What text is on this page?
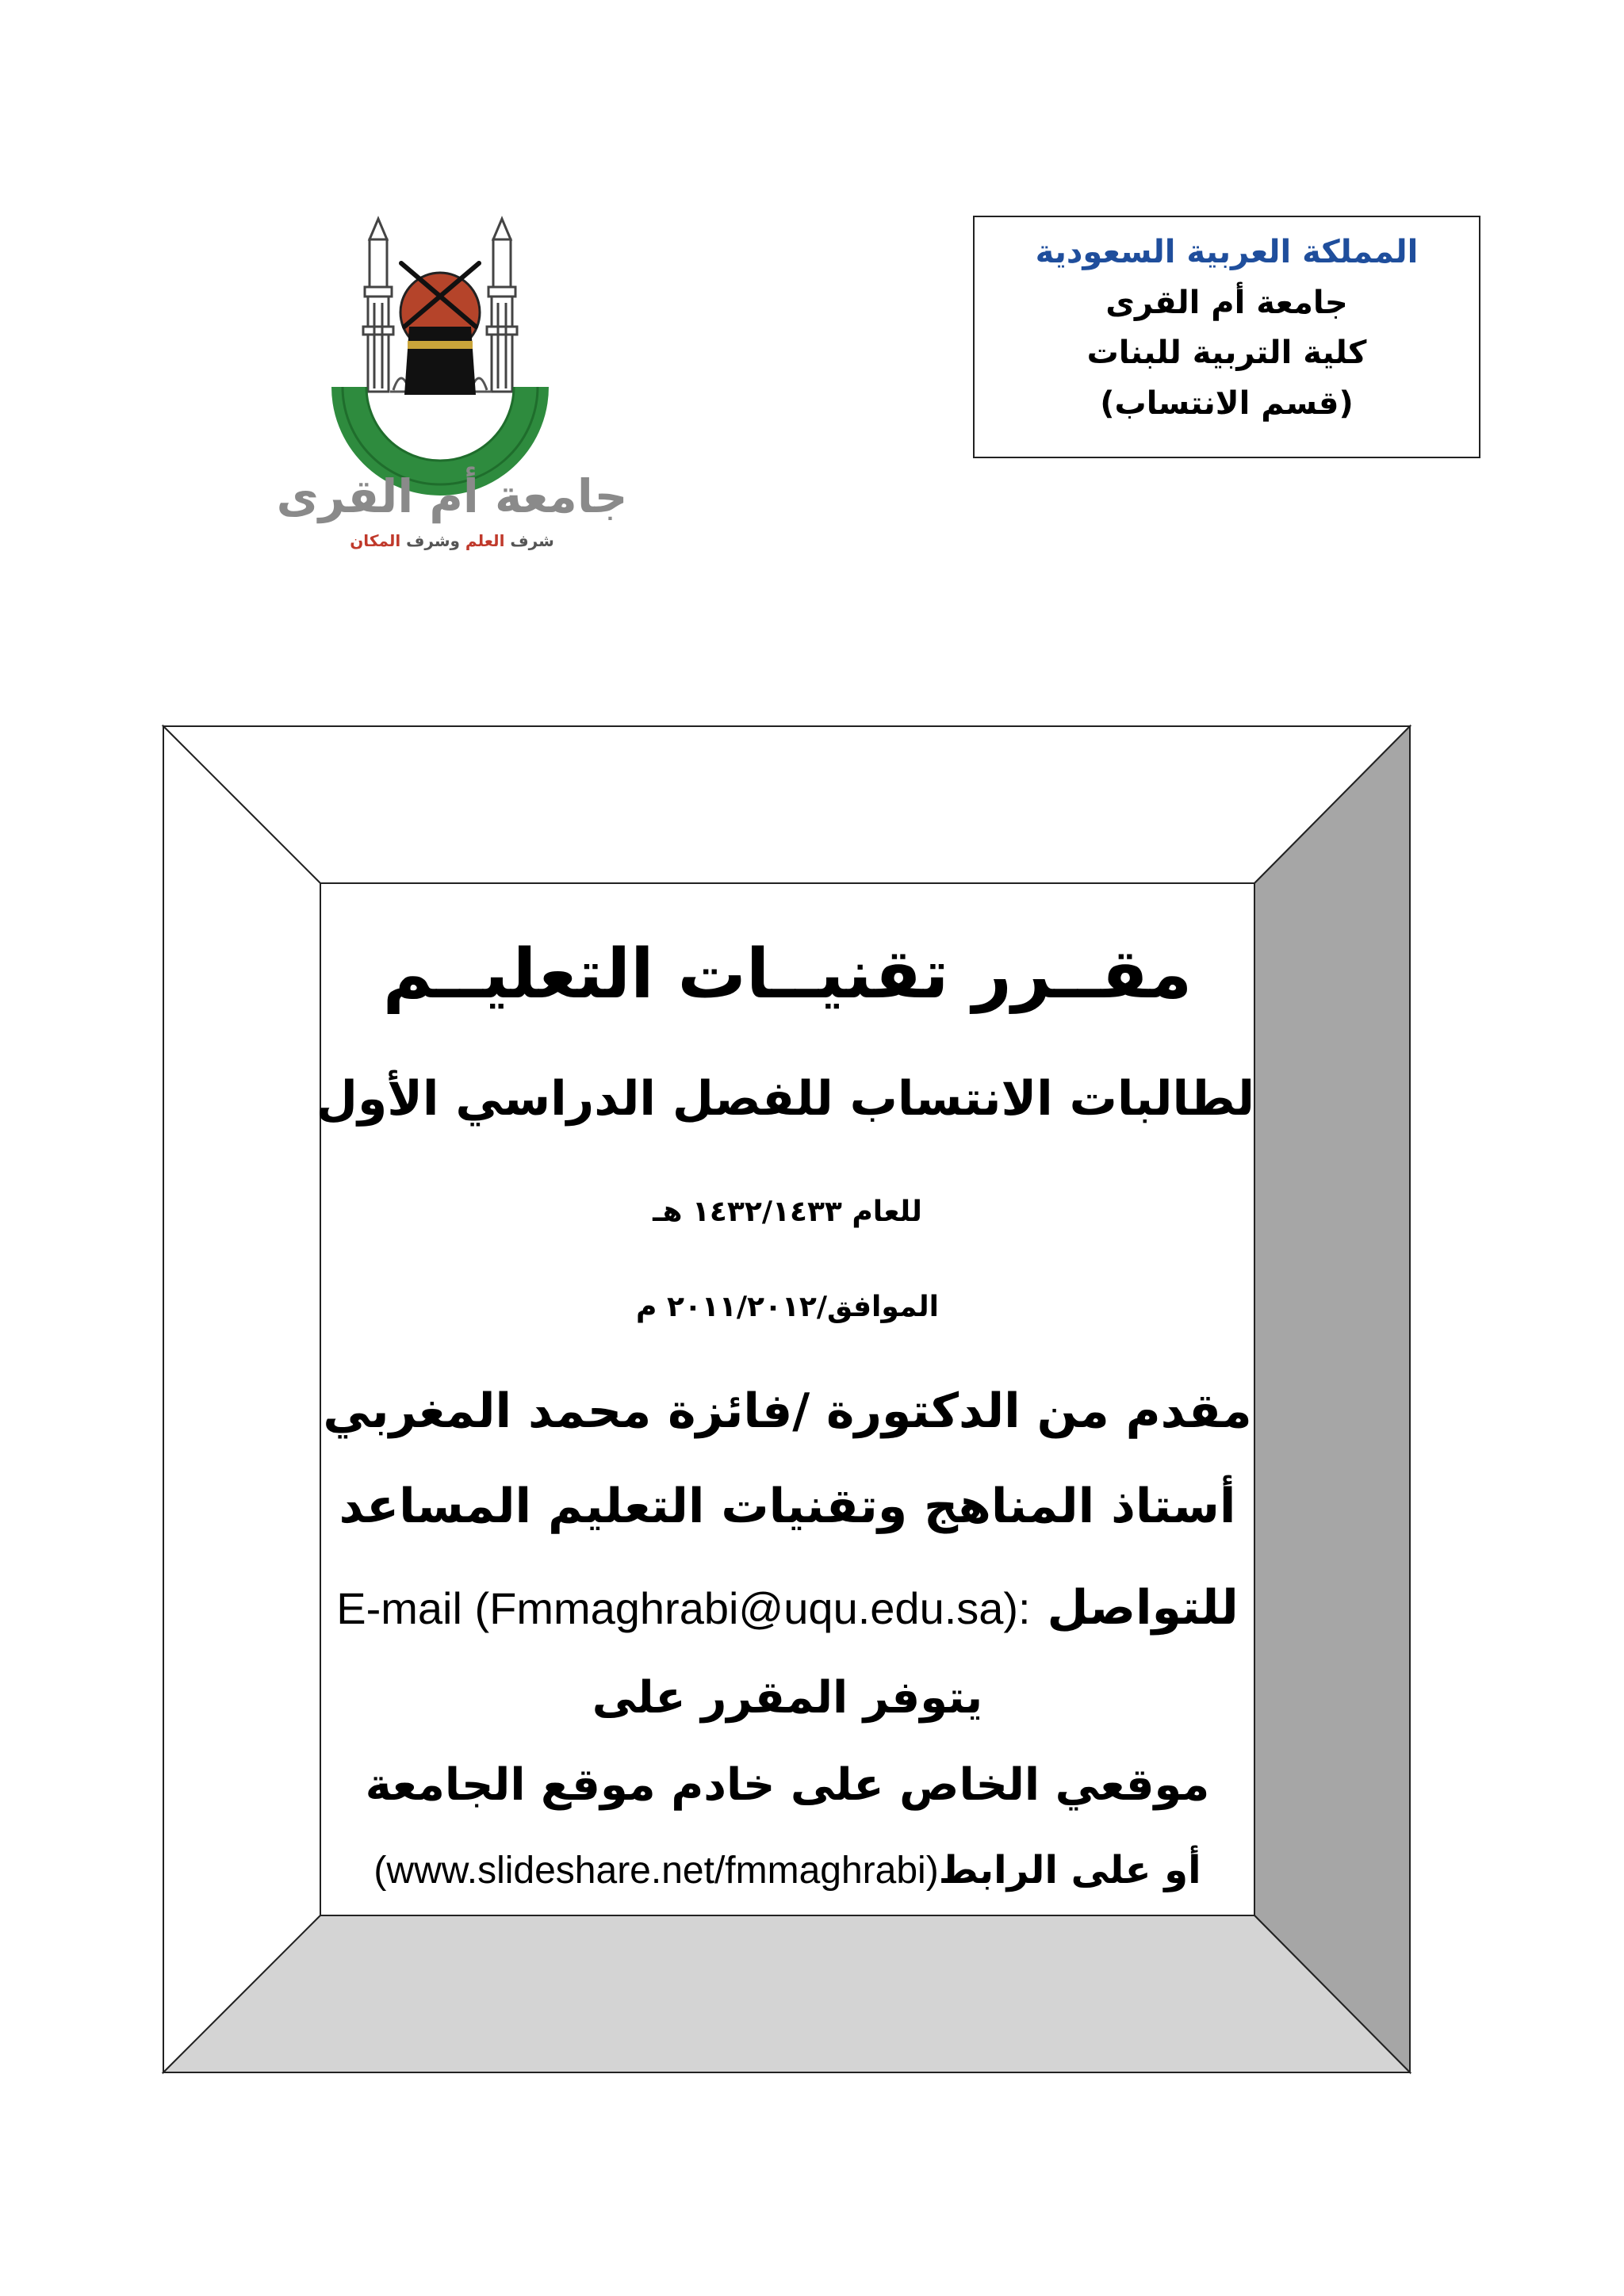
المملكة العربية السعودية
جامعة أم القرى
كلية التربية للبنات
(قسم الانتساب)
جامعة أم القرى
شرف العلم وشرف المكان
مقــرر تقنيــات التعليــم
لطالبات الانتساب للفصل الدراسي الأول
للعام ١٤٣٢/١٤٣٣ هـ
الموافق/٢٠١١/٢٠١٢ م
مقدم من الدكتورة /فائزة محمد المغربي
أستاذ المناهج وتقنيات التعليم المساعد
للتواصل E-mail (Fmmaghrabi@uqu.edu.sa):
يتوفر المقرر على
موقعي الخاص على خادم موقع الجامعة
أو على الرابط(www.slideshare.net/fmmaghrabi)
